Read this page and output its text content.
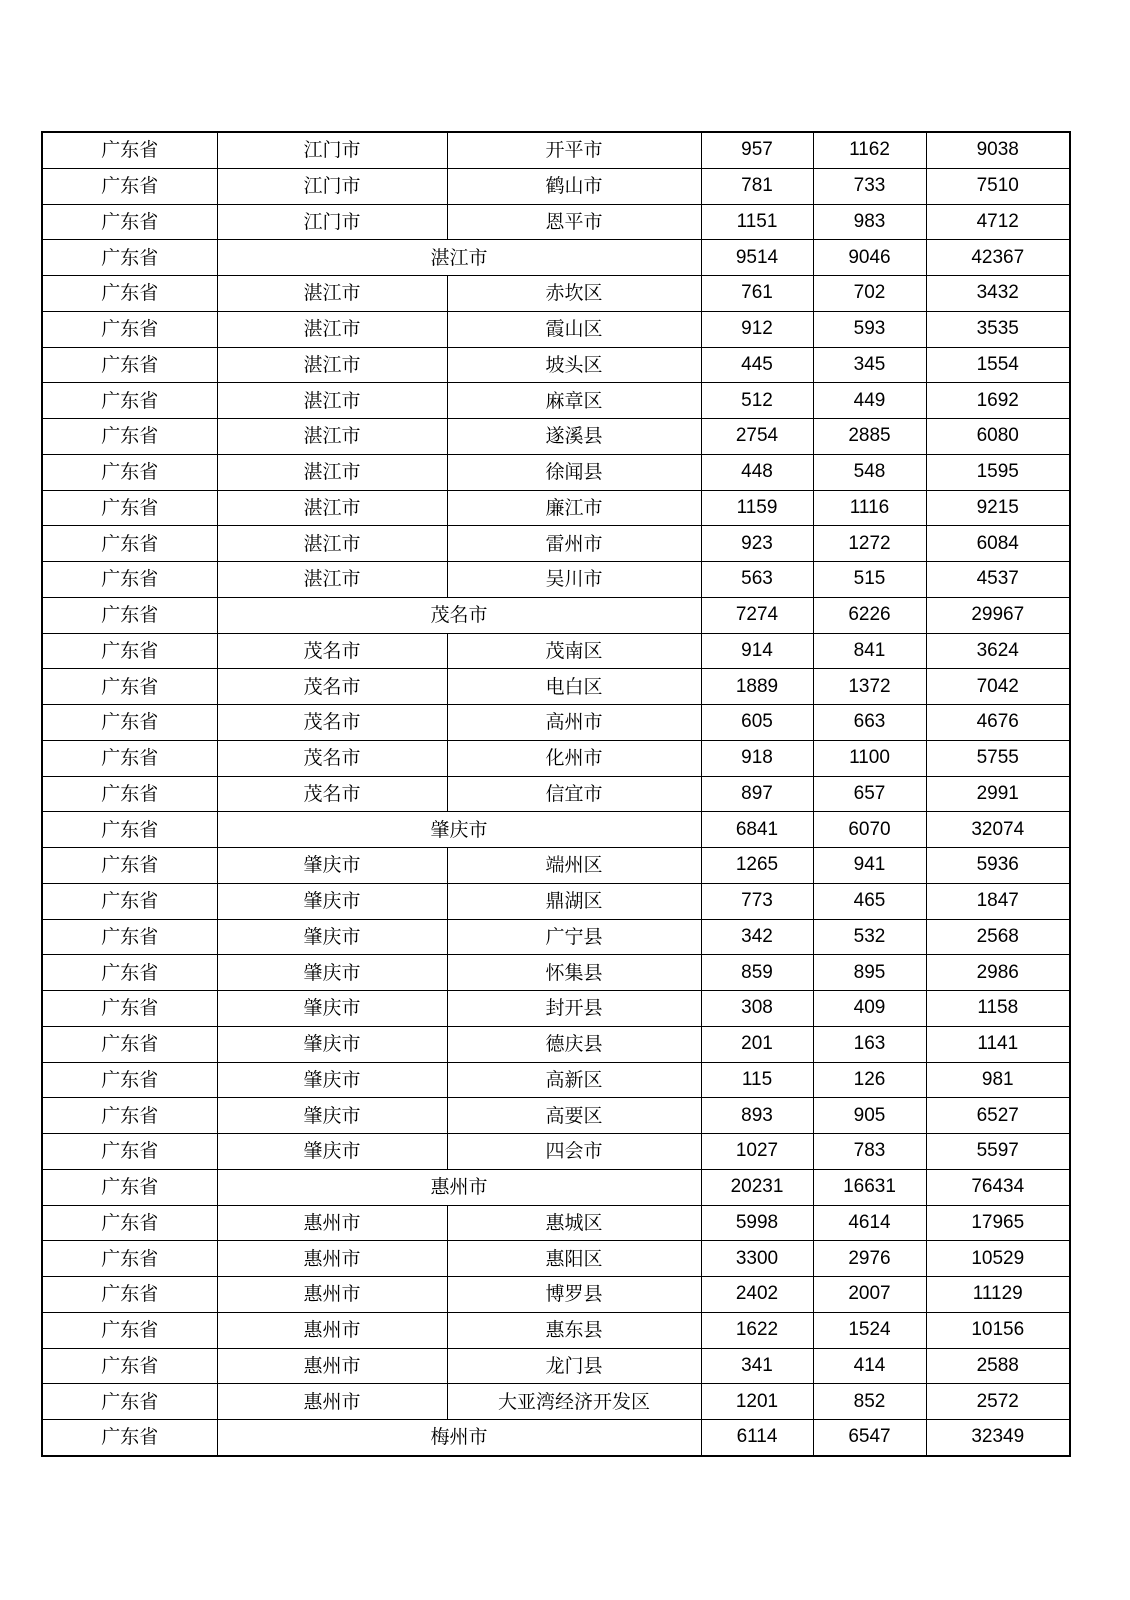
广东省	江门市	开平市	957	1162	9038
广东省	江门市	鹤山市	781	733	7510
广东省	江门市	恩平市	1151	983	4712
广东省	湛江市		9514	9046	42367
广东省	湛江市	赤坎区	761	702	3432
广东省	湛江市	霞山区	912	593	3535
广东省	湛江市	坡头区	445	345	1554
广东省	湛江市	麻章区	512	449	1692
广东省	湛江市	遂溪县	2754	2885	6080
广东省	湛江市	徐闻县	448	548	1595
广东省	湛江市	廉江市	1159	1116	9215
广东省	湛江市	雷州市	923	1272	6084
广东省	湛江市	吴川市	563	515	4537
广东省	茂名市		7274	6226	29967
广东省	茂名市	茂南区	914	841	3624
广东省	茂名市	电白区	1889	1372	7042
广东省	茂名市	高州市	605	663	4676
广东省	茂名市	化州市	918	1100	5755
广东省	茂名市	信宜市	897	657	2991
广东省	肇庆市		6841	6070	32074
广东省	肇庆市	端州区	1265	941	5936
广东省	肇庆市	鼎湖区	773	465	1847
广东省	肇庆市	广宁县	342	532	2568
广东省	肇庆市	怀集县	859	895	2986
广东省	肇庆市	封开县	308	409	1158
广东省	肇庆市	德庆县	201	163	1141
广东省	肇庆市	高新区	115	126	981
广东省	肇庆市	高要区	893	905	6527
广东省	肇庆市	四会市	1027	783	5597
广东省	惠州市		20231	16631	76434
广东省	惠州市	惠城区	5998	4614	17965
广东省	惠州市	惠阳区	3300	2976	10529
广东省	惠州市	博罗县	2402	2007	11129
广东省	惠州市	惠东县	1622	1524	10156
广东省	惠州市	龙门县	341	414	2588
广东省	惠州市	大亚湾经济开发区	1201	852	2572
广东省	梅州市		6114	6547	32349
